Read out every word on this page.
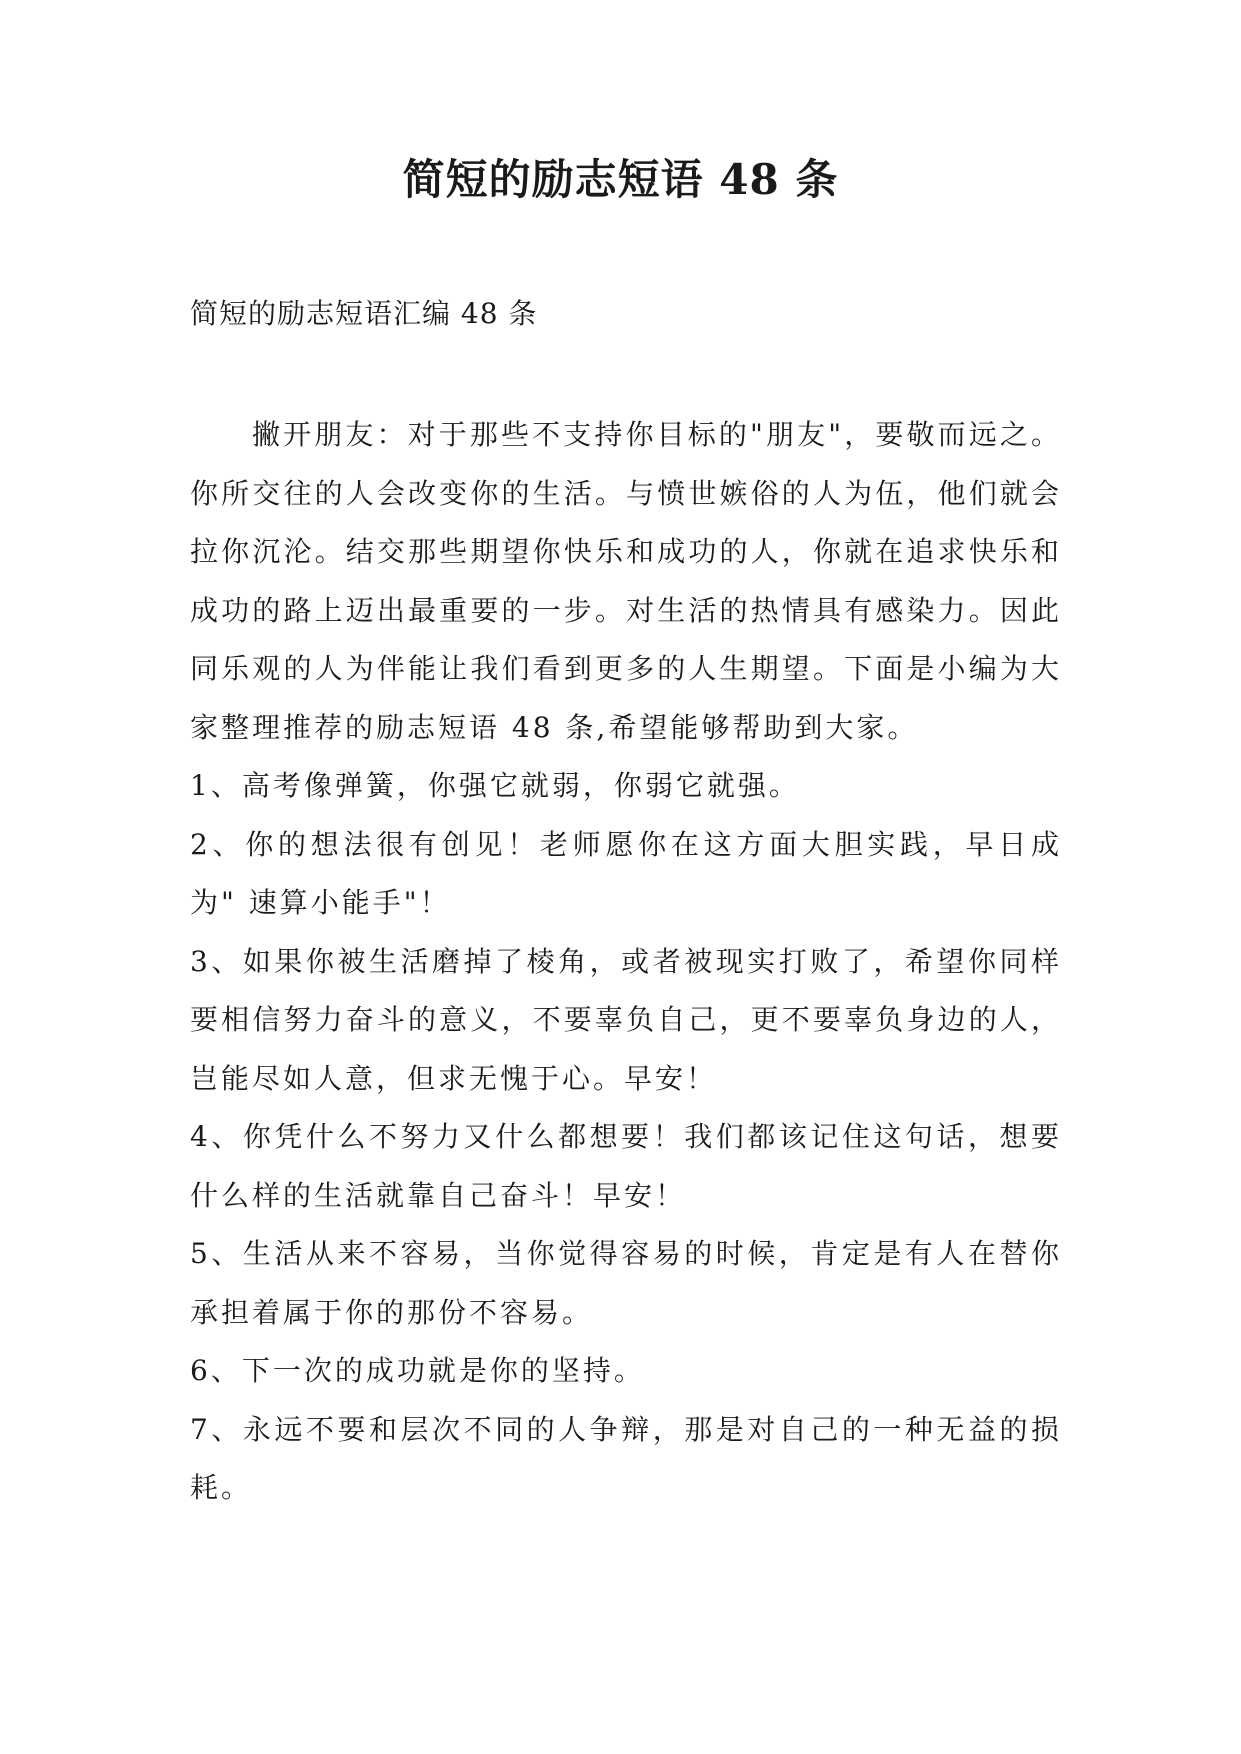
简短的励志短语 48 条

简短的励志短语汇编 48 条

撇开朋友：对于那些不支持你目标的"朋友"，要敬而远之。你所交往的人会改变你的生活。与愤世嫉俗的人为伍，他们就会拉你沉沦。结交那些期望你快乐和成功的人，你就在追求快乐和成功的路上迈出最重要的一步。对生活的热情具有感染力。因此同乐观的人为伴能让我们看到更多的人生期望。下面是小编为大家整理推荐的励志短语 48 条,希望能够帮助到大家。

1、高考像弹簧，你强它就弱，你弱它就强。

2、你的想法很有创见！老师愿你在这方面大胆实践，早日成为" 速算小能手"！

3、如果你被生活磨掉了棱角，或者被现实打败了，希望你同样要相信努力奋斗的意义，不要辜负自己，更不要辜负身边的人，岂能尽如人意，但求无愧于心。早安！

4、你凭什么不努力又什么都想要！我们都该记住这句话，想要什么样的生活就靠自己奋斗！早安！

5、生活从来不容易，当你觉得容易的时候，肯定是有人在替你承担着属于你的那份不容易。

6、下一次的成功就是你的坚持。

7、永远不要和层次不同的人争辩，那是对自己的一种无益的损耗。
